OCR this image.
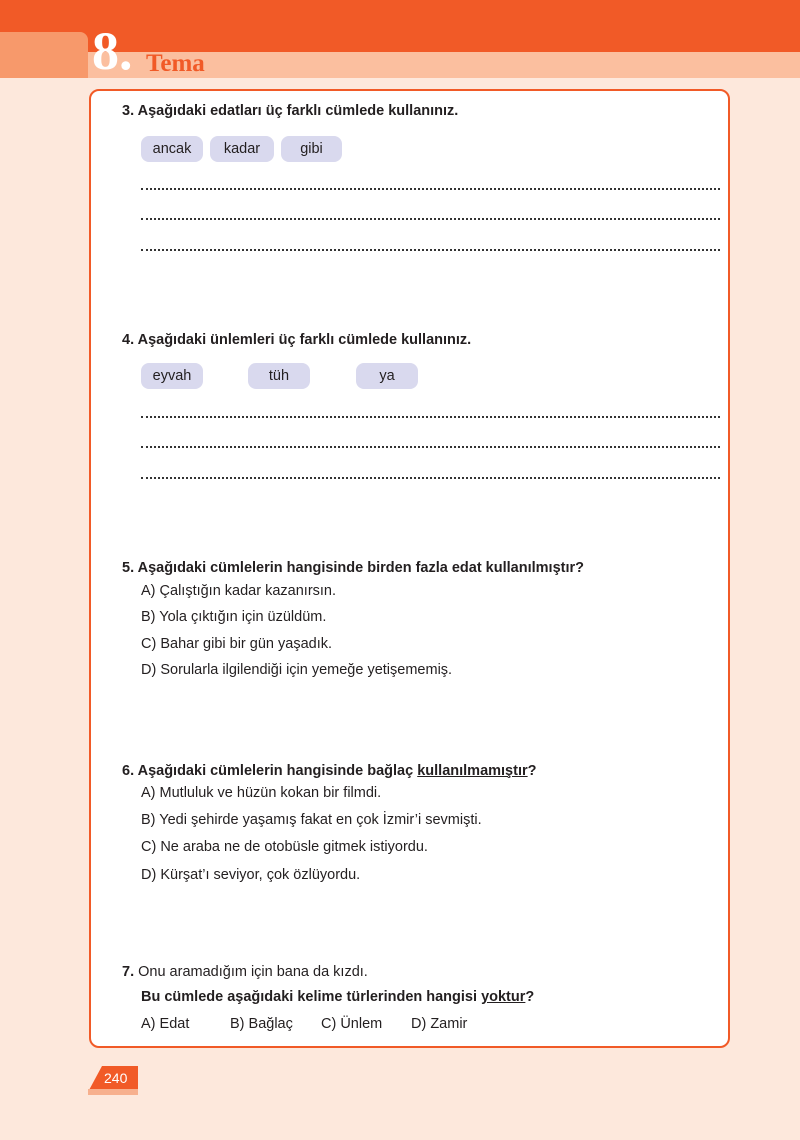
8. Tema
3. Aşağıdaki edatları üç farklı cümlede kullanınız.
ancak	kadar	gibi
4. Aşağıdaki ünlemleri üç farklı cümlede kullanınız.
eyvah	tüh	ya
5. Aşağıdaki cümlelerin hangisinde birden fazla edat kullanılmıştır?
A) Çalıştığın kadar kazanırsın.
B) Yola çıktığın için üzüldüm.
C) Bahar gibi bir gün yaşadık.
D) Sorularla ilgilendiği için yemeğe yetişememiş.
6. Aşağıdaki cümlelerin hangisinde bağlaç kullanılmamıştır?
A) Mutluluk ve hüzün kokan bir filmdi.
B) Yedi şehirde yaşamış fakat en çok İzmir’i sevmişti.
C) Ne araba ne de otobüsle gitmek istiyordu.
D) Kürşat’ı seviyor, çok özlüyordu.
7. Onu aramadığım için bana da kızdı.
Bu cümlede aşağıdaki kelime türlerinden hangisi yoktur?
A) Edat	B) Bağlaç C) Ünlem D) Zamir
240
